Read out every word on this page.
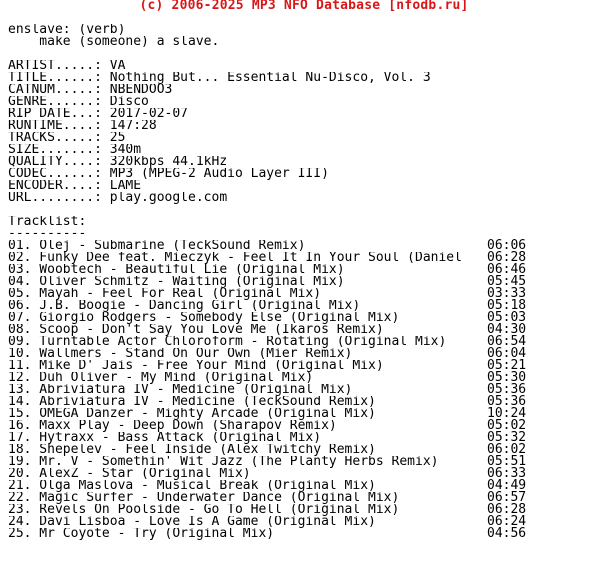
(c) 2006-2025 MP3 NFO Database [nfodb.ru]
enslave: (verb)
make (someone) a slave.
ARTIST.....: VA
TITLE......: Nothing But... Essential Nu-Disco, Vol. 3
CATNUM.....: NBENDOO3
GENRE......: Disco
RIP DATE...: 2017-02-07
RUNTIME....: 147:28
TRACKS.....: 25
SIZE.......: 340m
QUALITY....: 320kbps 44.1kHz
CODEC......: MP3 (MPEG-2 Audio Layer III)
ENCODER....: LAME
URL........: play.google.com
Tracklist:
----------
01. Olej - Submarine (TeckSound Remix)	06:06
02. Funky Dee feat. Mieczyk - Feel It In Your Soul (Daniel	06:28
03. Woobtech - Beautiful Lie (Original Mix)	06:46
04. Oliver Schmitz - Waiting (Original Mix)	05:45
05. Mayah - Feel For Real (Original Mix)	03:33
06. J.B. Boogie - Dancing Girl (Original Mix)	05:18
07. Giorgio Rodgers - Somebody Else (Original Mix)	05:03
08. Scoop - Don't Say You Love Me (Ikaros Remix)	04:30
09. Turntable Actor Chloroform - Rotating (Original Mix)	06:54
10. Wallmers - Stand On Our Own (Mier Remix)	06:04
11. Mike D' Jais - Free Your Mind (Original Mix)	05:21
12. Duh Oliver - My Mind (Original Mix)	05:30
13. Abriviatura IV - Medicine (Original Mix)	05:36
14. Abriviatura IV - Medicine (TeckSound Remix)	05:36
15. OMEGA Danzer - Mighty Arcade (Original Mix)	10:24
16. Maxx Play - Deep Down (Sharapov Remix)	05:02
17. Hytraxx - Bass Attack (Original Mix)	05:32
18. Shepelev - Feel Inside (Alex Twitchy Remix)	06:02
19. Mr. V - Somethin' Wit Jazz (The Planty Herbs Remix)	05:51
20. AlexZ - Star (Original Mix)	06:33
21. Olga Maslova - Musical Break (Original Mix)	04:49
22. Magic Surfer - Underwater Dance (Original Mix)	06:57
23. Revels On Poolside - Go To Hell (Original Mix)	06:28
24. Davi Lisboa - Love Is A Game (Original Mix)	06:24
25. Mr Coyote - Try (Original Mix)	04:56
